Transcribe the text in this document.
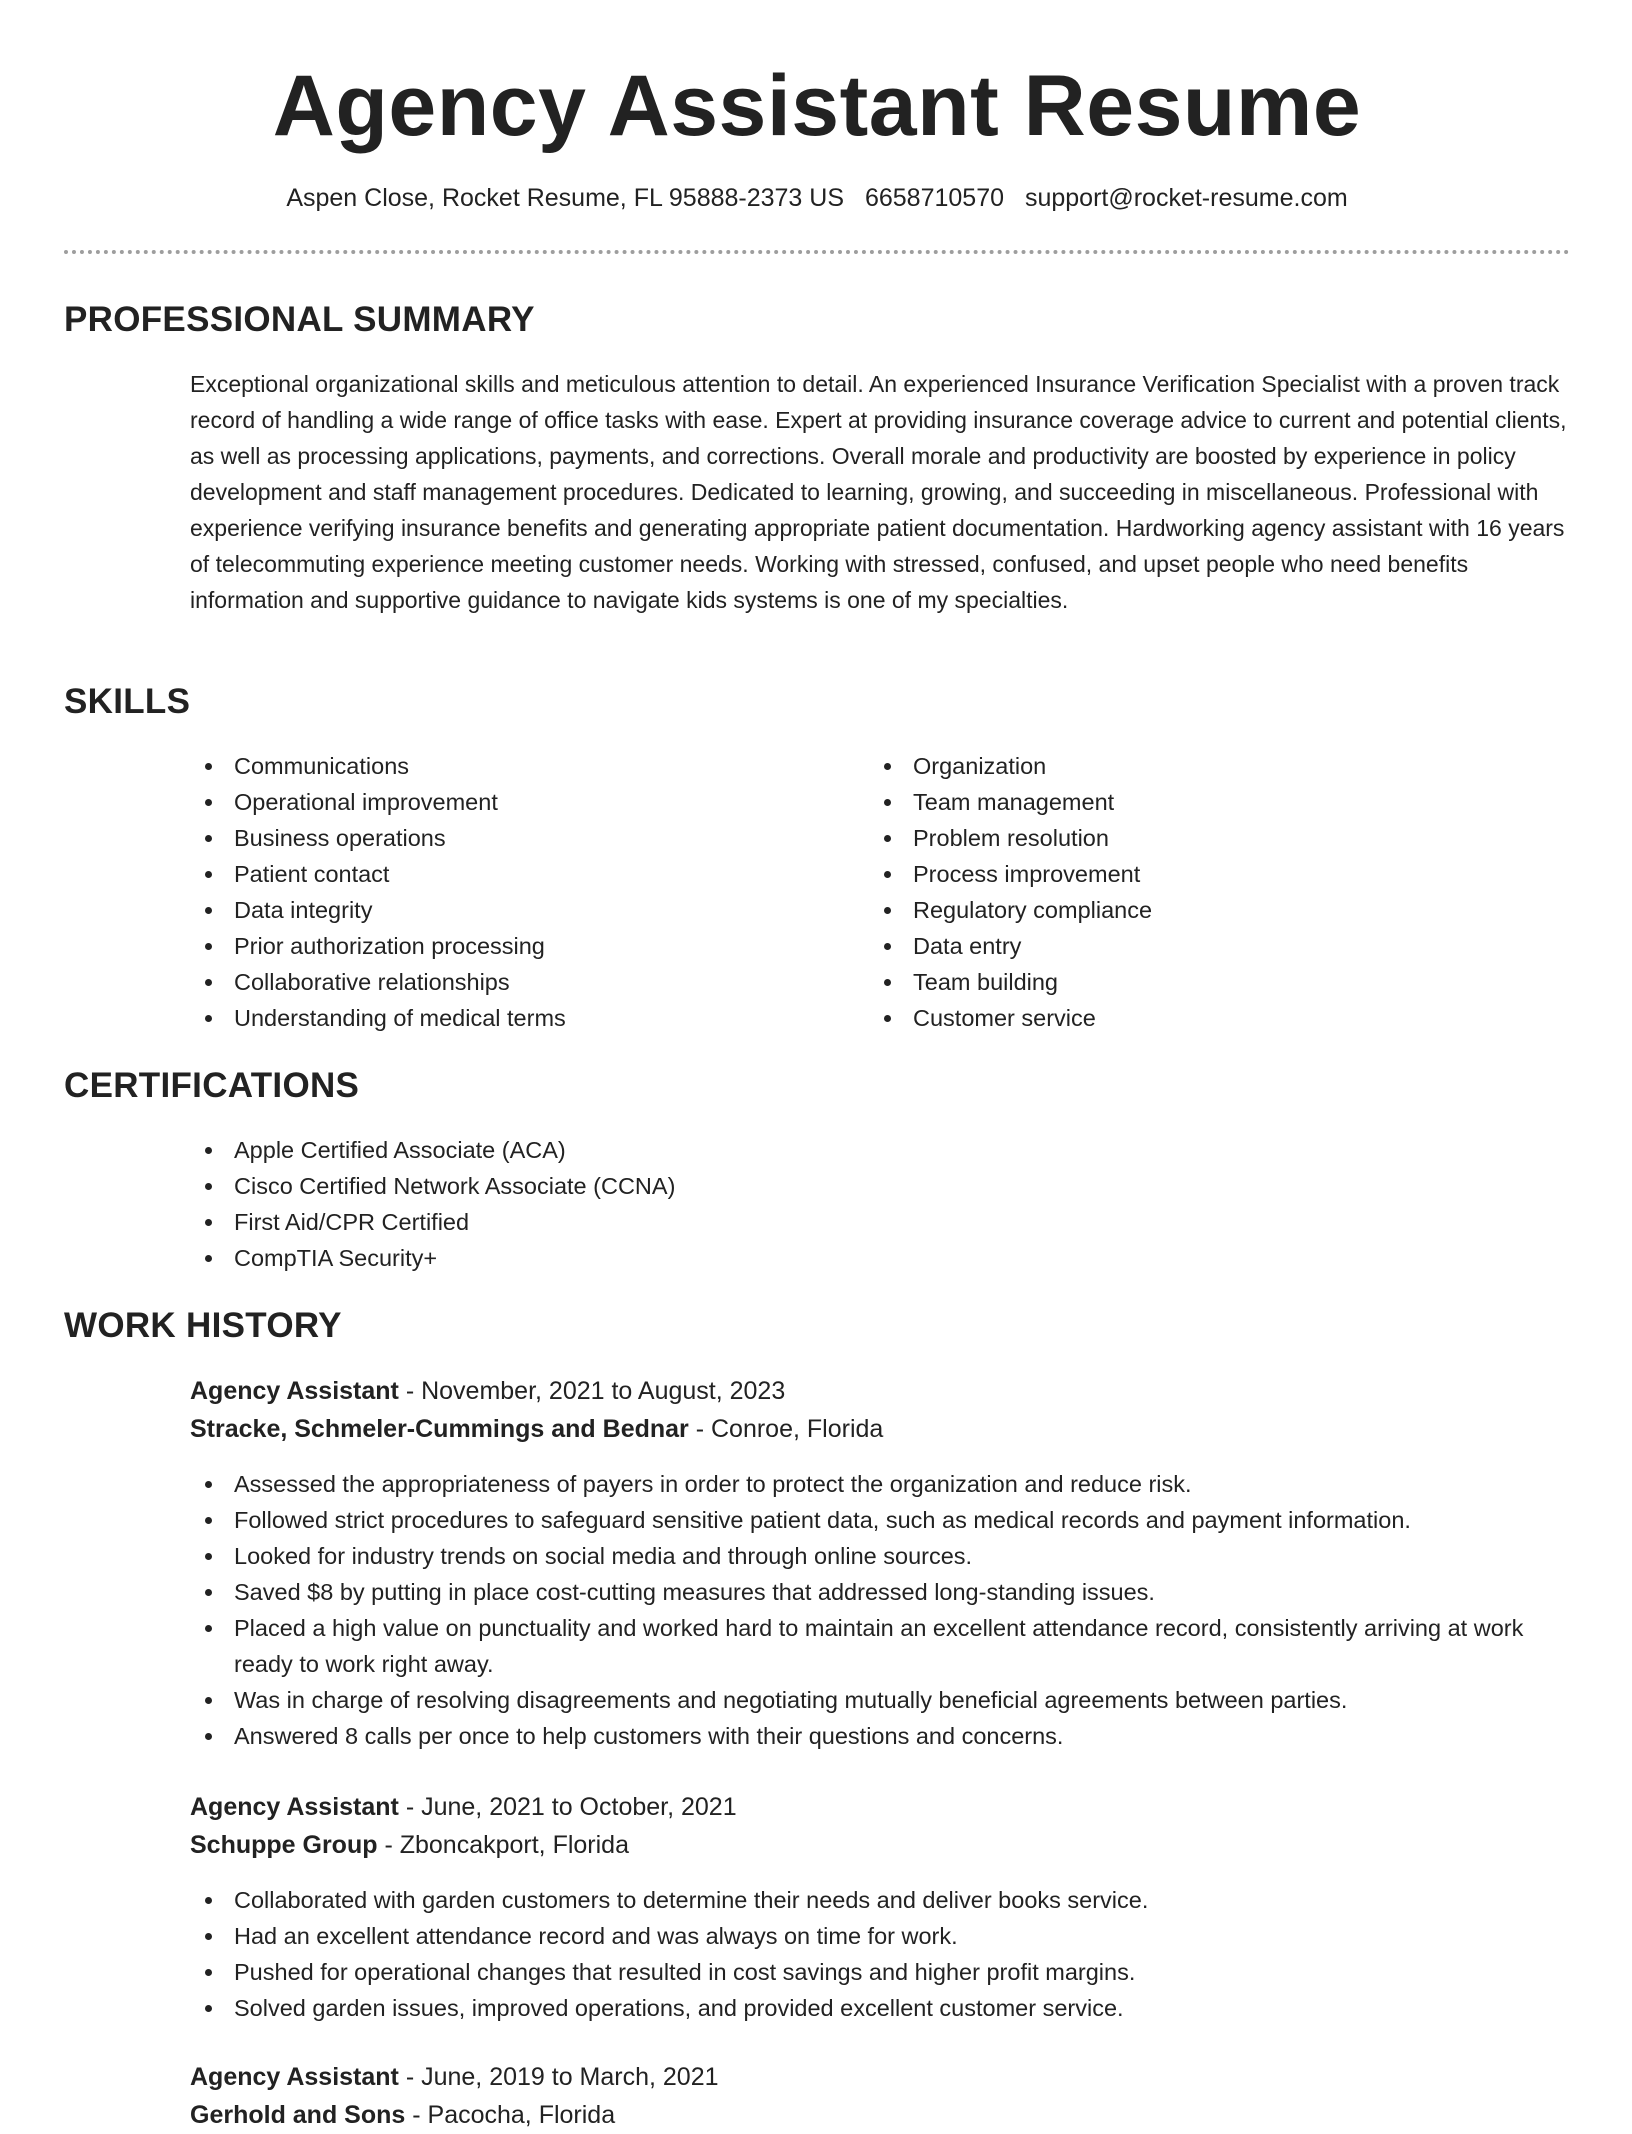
Agency Assistant Resume
Aspen Close, Rocket Resume, FL 95888-2373 US 6658710570 support@rocket-resume.com
PROFESSIONAL SUMMARY

Exceptional organizational skills and meticulous attention to detail. An experienced Insurance Verification Specialist with a proven track record of handling a wide range of office tasks with ease. Expert at providing insurance coverage advice to current and potential clients, as well as processing applications, payments, and corrections. Overall morale and productivity are boosted by experience in policy development and staff management procedures. Dedicated to learning, growing, and succeeding in miscellaneous. Professional with experience verifying insurance benefits and generating appropriate patient documentation. Hardworking agency assistant with 16 years of telecommuting experience meeting customer needs. Working with stressed, confused, and upset people who need benefits information and supportive guidance to navigate kids systems is one of my specialties.

SKILLS
Communications
Operational improvement
Business operations
Patient contact
Data integrity
Prior authorization processing
Collaborative relationships
Understanding of medical terms
Organization
Team management
Problem resolution
Process improvement
Regulatory compliance
Data entry
Team building
Customer service
CERTIFICATIONS
Apple Certified Associate (ACA)
Cisco Certified Network Associate (CCNA)
First Aid/CPR Certified
CompTIA Security+
WORK HISTORY
Agency Assistant - November, 2021 to August, 2023
Stracke, Schmeler-Cummings and Bednar - Conroe, Florida
Assessed the appropriateness of payers in order to protect the organization and reduce risk.
Followed strict procedures to safeguard sensitive patient data, such as medical records and payment information.
Looked for industry trends on social media and through online sources.
Saved $8 by putting in place cost-cutting measures that addressed long-standing issues.
Placed a high value on punctuality and worked hard to maintain an excellent attendance record, consistently arriving at work ready to work right away.
Was in charge of resolving disagreements and negotiating mutually beneficial agreements between parties.
Answered 8 calls per once to help customers with their questions and concerns.
Agency Assistant - June, 2021 to October, 2021
Schuppe Group - Zboncakport, Florida
Collaborated with garden customers to determine their needs and deliver books service.
Had an excellent attendance record and was always on time for work.
Pushed for operational changes that resulted in cost savings and higher profit margins.
Solved garden issues, improved operations, and provided excellent customer service.
Agency Assistant - June, 2019 to March, 2021
Gerhold and Sons - Pacocha, Florida
